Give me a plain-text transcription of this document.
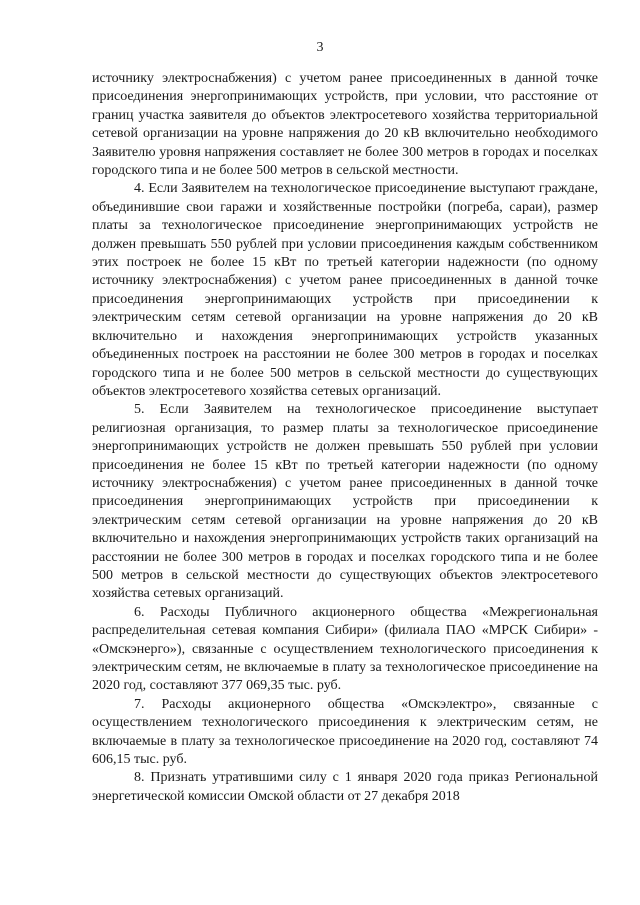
3

источнику электроснабжения) с учетом ранее присоединенных в данной точке присоединения энергопринимающих устройств, при условии, что расстояние от границ участка заявителя до объектов электросетевого хозяйства территориальной сетевой организации на уровне напряжения до 20 кВ включительно необходимого Заявителю уровня напряжения составляет не более 300 метров в городах и поселках городского типа и не более 500 метров в сельской местности.

4. Если Заявителем на технологическое присоединение выступают граждане, объединившие свои гаражи и хозяйственные постройки (погреба, сараи), размер платы за технологическое присоединение энергопринимающих устройств не должен превышать 550 рублей при условии присоединения каждым собственником этих построек не более 15 кВт по третьей категории надежности (по одному источнику электроснабжения) с учетом ранее присоединенных в данной точке присоединения энергопринимающих устройств при присоединении к электрическим сетям сетевой организации на уровне напряжения до 20 кВ включительно и нахождения энергопринимающих устройств указанных объединенных построек на расстоянии не более 300 метров в городах и поселках городского типа и не более 500 метров в сельской местности до существующих объектов электросетевого хозяйства сетевых организаций.

5. Если Заявителем на технологическое присоединение выступает религиозная организация, то размер платы за технологическое присоединение энергопринимающих устройств не должен превышать 550 рублей при условии присоединения не более 15 кВт по третьей категории надежности (по одному источнику электроснабжения) с учетом ранее присоединенных в данной точке присоединения энергопринимающих устройств при присоединении к электрическим сетям сетевой организации на уровне напряжения до 20 кВ включительно и нахождения энергопринимающих устройств таких организаций на расстоянии не более 300 метров в городах и поселках городского типа и не более 500 метров в сельской местности до существующих объектов электросетевого хозяйства сетевых организаций.

6. Расходы Публичного акционерного общества «Межрегиональная распределительная сетевая компания Сибири» (филиала ПАО «МРСК Сибири» - «Омскэнерго»), связанные с осуществлением технологического присоединения к электрическим сетям, не включаемые в плату за технологическое присоединение на 2020 год, составляют 377 069,35 тыс. руб.

7. Расходы акционерного общества «Омскэлектро», связанные с осуществлением технологического присоединения к электрическим сетям, не включаемые в плату за технологическое присоединение на 2020 год, составляют 74 606,15 тыс. руб.

8. Признать утратившими силу с 1 января 2020 года приказ Региональной энергетической комиссии Омской области от 27 декабря 2018
